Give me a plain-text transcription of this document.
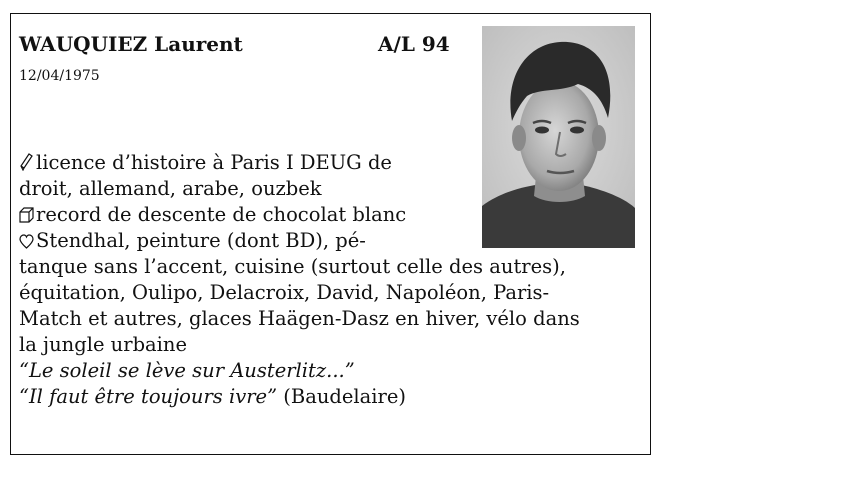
WAUQUIEZ Laurent	A/L 94
12/04/1975
licence d’histoire à Paris I DEUG de
droit, allemand, arabe, ouzbek
record de descente de chocolat blanc
Stendhal, peinture (dont BD), pé-
tanque sans l’accent, cuisine (surtout celle des autres),
équitation, Oulipo, Delacroix, David, Napoléon, Paris-
Match et autres, glaces Haägen-Dasz en hiver, vélo dans
la jungle urbaine
“Le soleil se lève sur Austerlitz...”
“Il faut être toujours ivre” (Baudelaire)
